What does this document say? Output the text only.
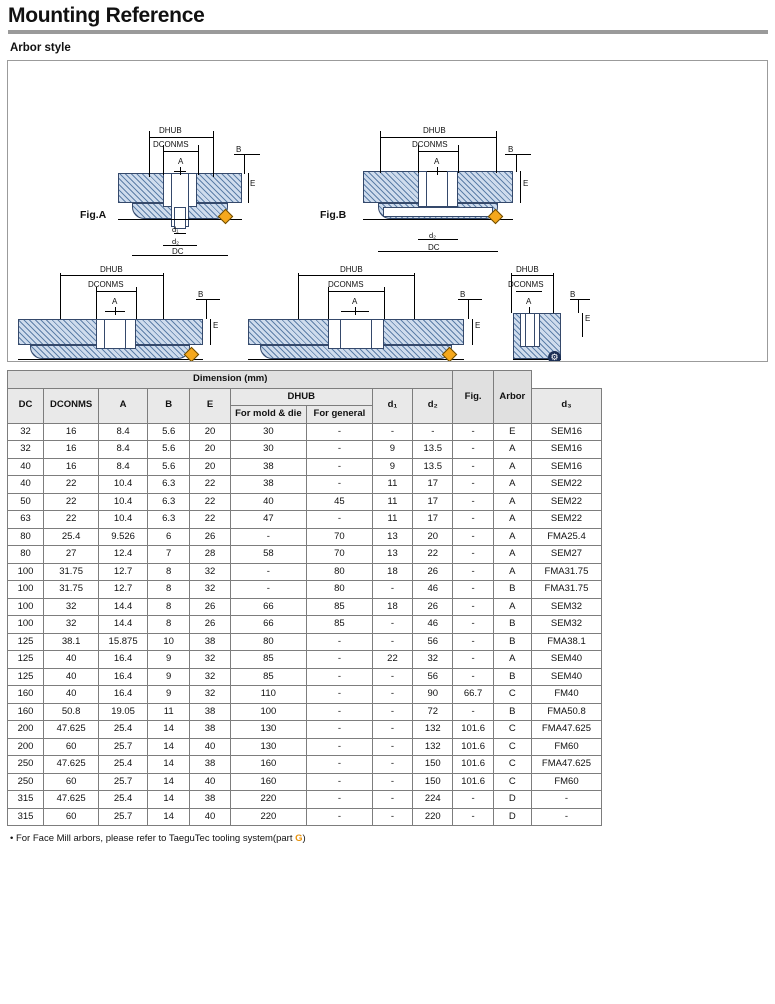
Mounting Reference
Arbor style
DHUB
DCONMS
A
B
E
d₁
d₂
DC
Fig.A
DHUB
DCONMS
A
B
E
d₂
DC
Fig.B
DHUB
DCONMS
A
B
E
DHUB
DCONMS
A
B
E
DHUB
DCONMS
A
B
E
⚙
Dimension (mm)									Fig.	Arbor	
DC	DCONMS	A	B	E	DHUB		d₁	d₂			d₃
					For mold & die	For general					
32	16	8.4	5.6	20	30	-	-	-	-	E	SEM16
32	16	8.4	5.6	20	30	-	9	13.5	-	A	SEM16
40	16	8.4	5.6	20	38	-	9	13.5	-	A	SEM16
40	22	10.4	6.3	22	38	-	11	17	-	A	SEM22
50	22	10.4	6.3	22	40	45	11	17	-	A	SEM22
63	22	10.4	6.3	22	47	-	11	17	-	A	SEM22
80	25.4	9.526	6	26	-	70	13	20	-	A	FMA25.4
80	27	12.4	7	28	58	70	13	22	-	A	SEM27
100	31.75	12.7	8	32	-	80	18	26	-	A	FMA31.75
100	31.75	12.7	8	32	-	80	-	46	-	B	FMA31.75
100	32	14.4	8	26	66	85	18	26	-	A	SEM32
100	32	14.4	8	26	66	85	-	46	-	B	SEM32
125	38.1	15.875	10	38	80	-	-	56	-	B	FMA38.1
125	40	16.4	9	32	85	-	22	32	-	A	SEM40
125	40	16.4	9	32	85	-	-	56	-	B	SEM40
160	40	16.4	9	32	110	-	-	90	66.7	C	FM40
160	50.8	19.05	11	38	100	-	-	72	-	B	FMA50.8
200	47.625	25.4	14	38	130	-	-	132	101.6	C	FMA47.625
200	60	25.7	14	40	130	-	-	132	101.6	C	FM60
250	47.625	25.4	14	38	160	-	-	150	101.6	C	FMA47.625
250	60	25.7	14	40	160	-	-	150	101.6	C	FM60
315	47.625	25.4	14	38	220	-	-	224	-	D	-
315	60	25.7	14	40	220	-	-	220	-	D	-
• For Face Mill arbors, please refer to TaeguTec tooling system(part G)
